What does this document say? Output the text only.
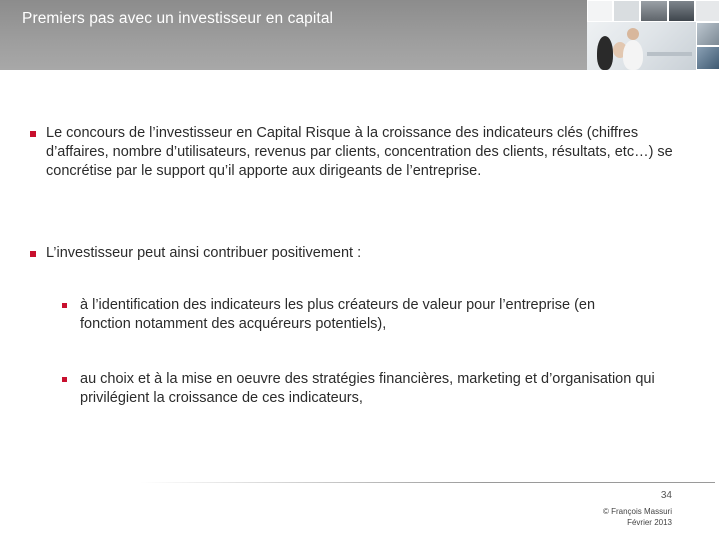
Premiers pas avec un investisseur en capital
Le concours de l’investisseur en Capital Risque à la croissance des indicateurs clés (chiffres d’affaires, nombre d’utilisateurs, revenus par clients, concentration des clients, résultats, etc…) se concrétise par le support qu’il apporte aux dirigeants de l’entreprise.
L’investisseur peut ainsi contribuer positivement :
à l’identification des indicateurs les plus créateurs de valeur pour l’entreprise (en fonction notamment des acquéreurs potentiels),
au choix et à la mise en oeuvre des stratégies financières, marketing et d’organisation qui privilégient la croissance de ces indicateurs,
34
© François Massuri
Février 2013
